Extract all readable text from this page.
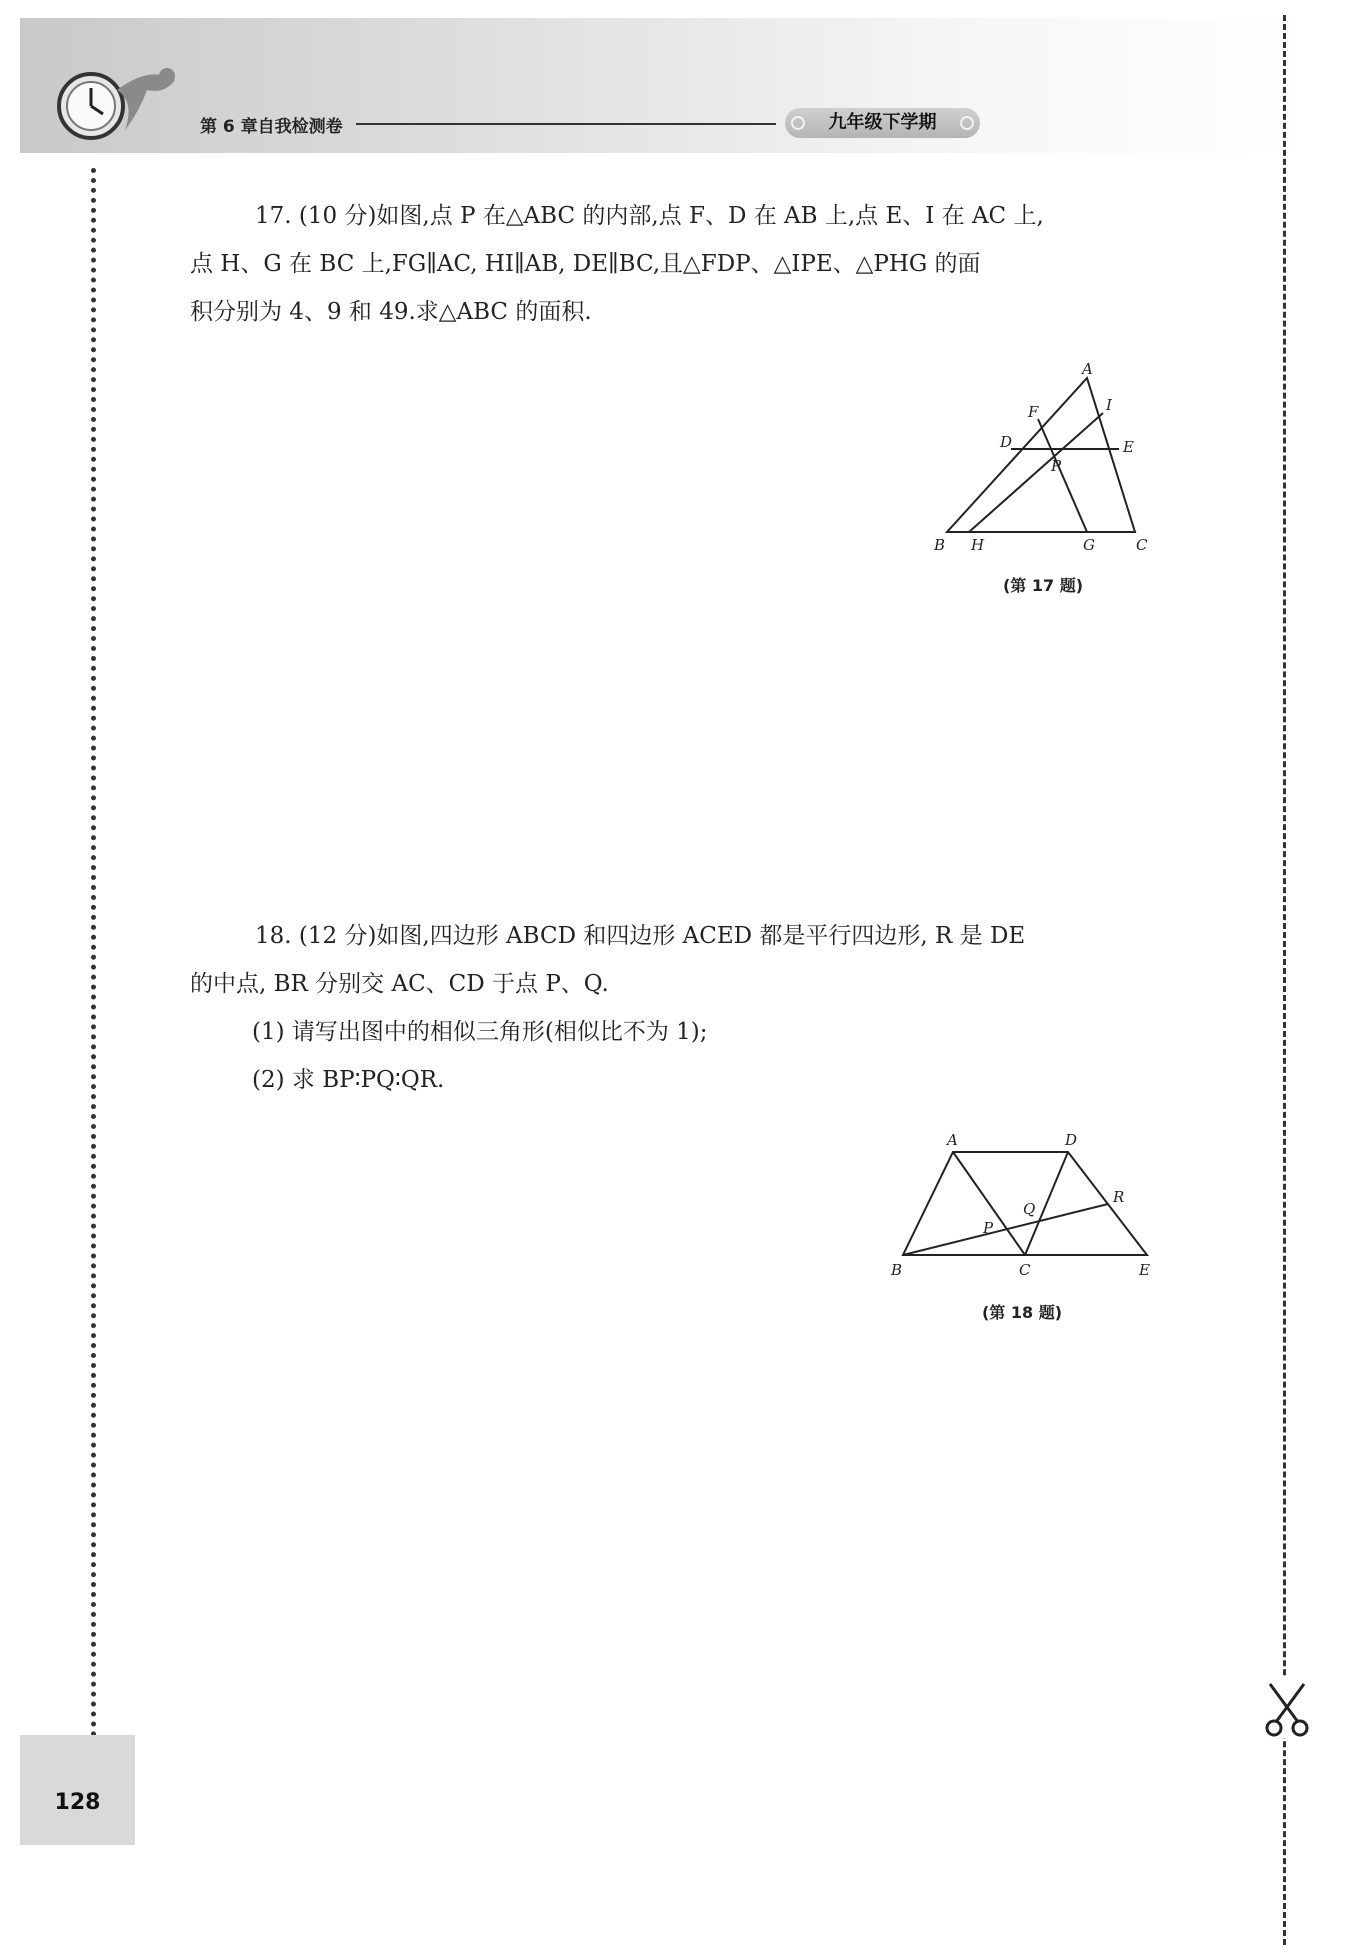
第 6 章自我检测卷	九年级下学期
128

17. (10 分)如图,点 P 在△ABC 的内部,点 F、D 在 AB 上,点 E、I 在 AC 上,

点 H、G 在 BC 上,FG∥AC, HI∥AB, DE∥BC,且△FDP、△IPE、△PHG 的面

积分别为 4、9 和 49.求△ABC 的面积.

A
B	C
D	E
F
G
H
I
P
(第 17 题)

18. (12 分)如图,四边形 ABCD 和四边形 ACED 都是平行四边形, R 是 DE

的中点, BR 分别交 AC、CD 于点 P、Q.

(1) 请写出图中的相似三角形(相似比不为 1);

(2) 求 BP∶PQ∶QR.

A	D
B	C	E
P
Q
R
(第 18 题)
